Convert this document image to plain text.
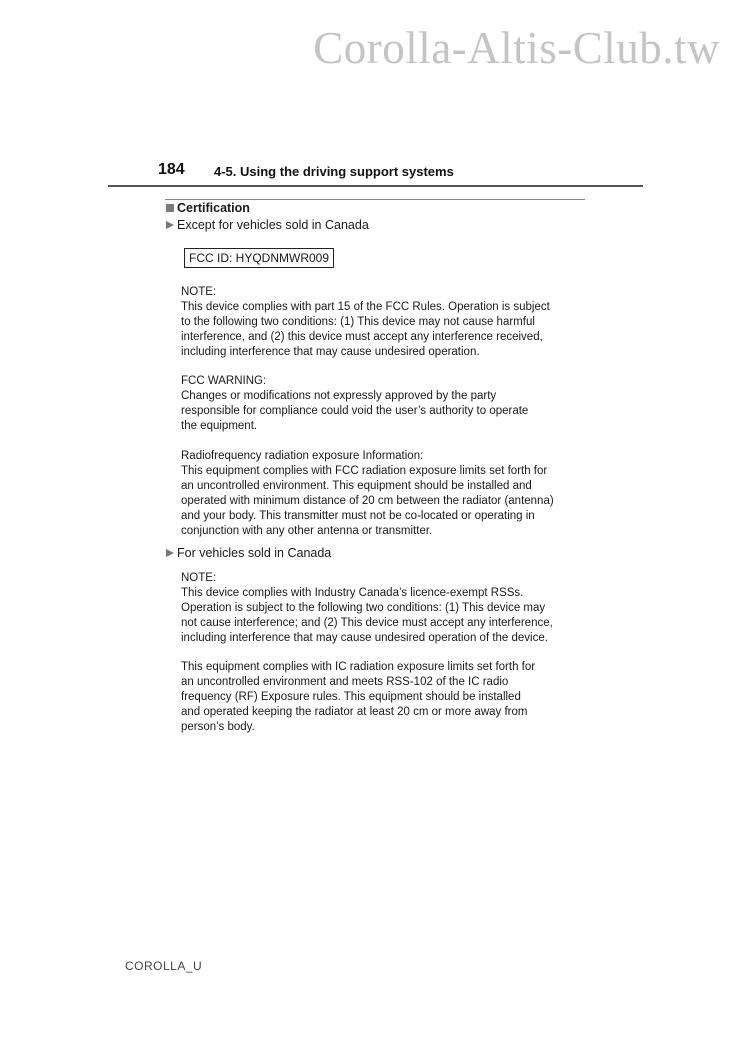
Corolla-Altis-Club.tw
184 4-5. Using the driving support systems
Certification
Except for vehicles sold in Canada
FCC ID: HYQDNMWR009
NOTE:
This device complies with part 15 of the FCC Rules. Operation is subject
to the following two conditions: (1) This device may not cause harmful
interference, and (2) this device must accept any interference received,
including interference that may cause undesired operation.
FCC WARNING:
Changes or modifications not expressly approved by the party
responsible for compliance could void the user’s authority to operate
the equipment.
Radiofrequency radiation exposure Information:
This equipment complies with FCC radiation exposure limits set forth for
an uncontrolled environment. This equipment should be installed and
operated with minimum distance of 20 cm between the radiator (antenna)
and your body. This transmitter must not be co-located or operating in
conjunction with any other antenna or transmitter.
For vehicles sold in Canada
NOTE:
This device complies with Industry Canada’s licence-exempt RSSs.
Operation is subject to the following two conditions: (1) This device may
not cause interference; and (2) This device must accept any interference,
including interference that may cause undesired operation of the device.
This equipment complies with IC radiation exposure limits set forth for
an uncontrolled environment and meets RSS-102 of the IC radio
frequency (RF) Exposure rules. This equipment should be installed
and operated keeping the radiator at least 20 cm or more away from
person’s body.
COROLLA_U
